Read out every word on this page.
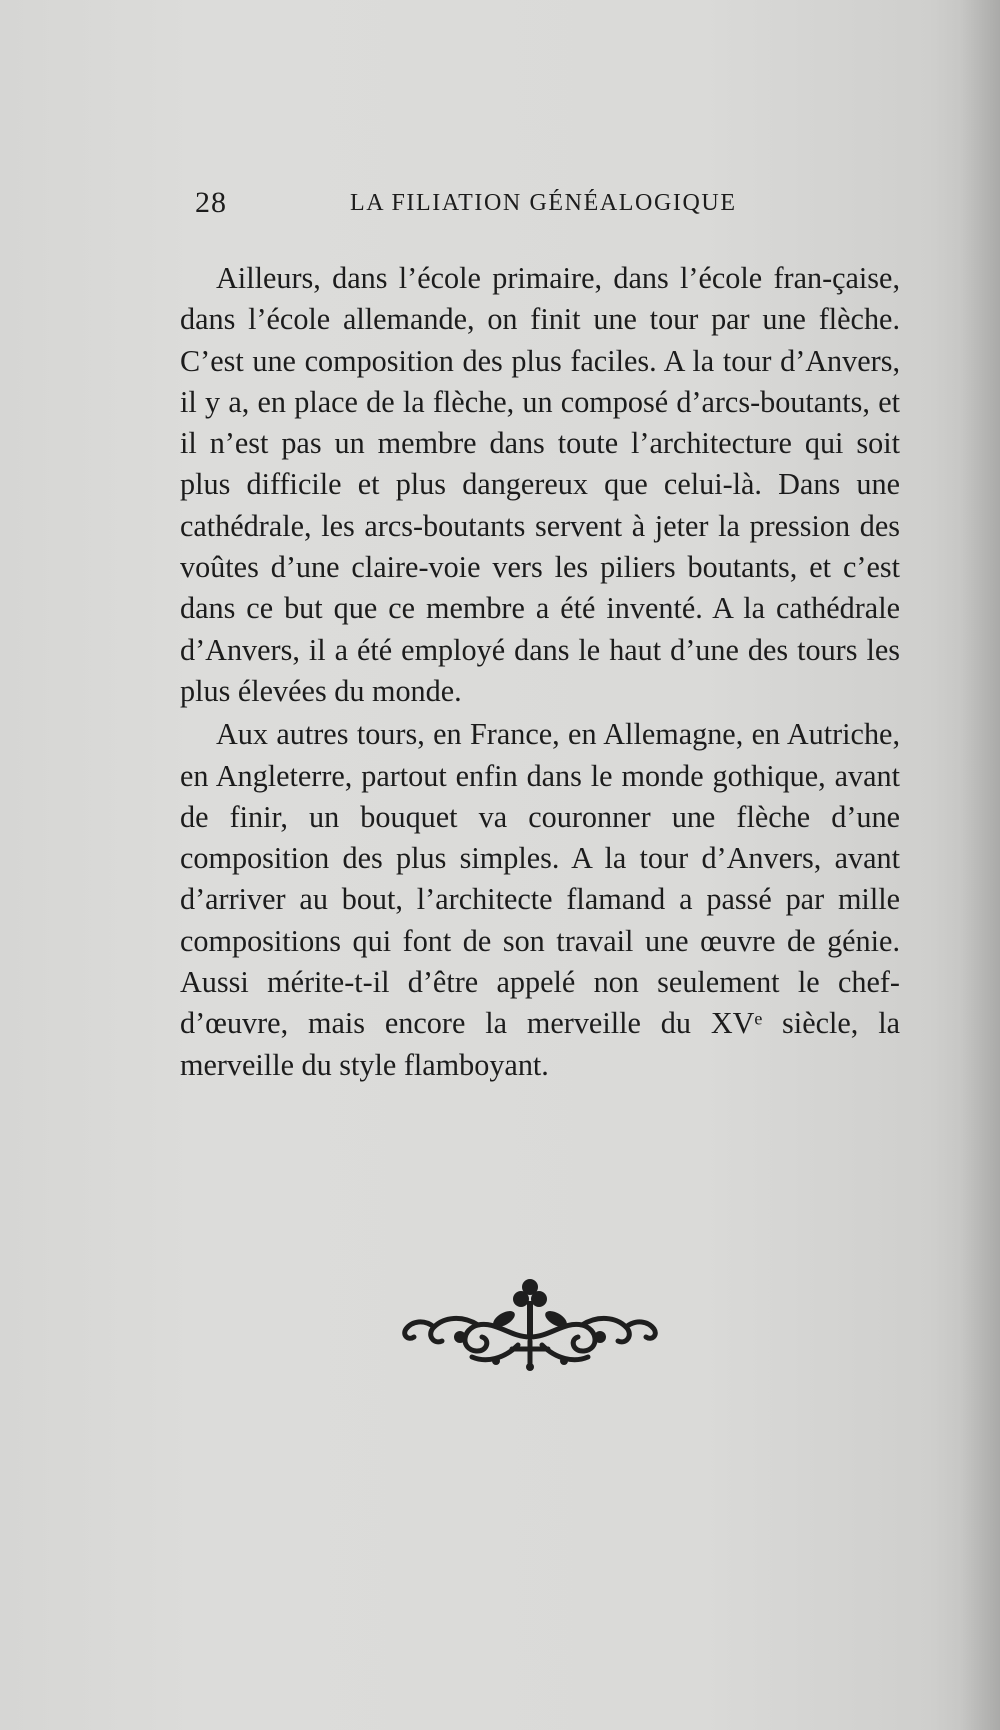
28	LA FILIATION GÉNÉALOGIQUE

Ailleurs, dans l’école primaire, dans l’école fran-çaise, dans l’école allemande, on finit une tour par une flèche. C’est une composition des plus faciles. A la tour d’Anvers, il y a, en place de la flèche, un composé d’arcs-boutants, et il n’est pas un membre dans toute l’architecture qui soit plus difficile et plus dangereux que celui-là. Dans une cathédrale, les arcs-boutants servent à jeter la pression des voûtes d’une claire-voie vers les piliers boutants, et c’est dans ce but que ce membre a été inventé. A la cathédrale d’Anvers, il a été employé dans le haut d’une des tours les plus élevées du monde.

Aux autres tours, en France, en Allemagne, en Autriche, en Angleterre, partout enfin dans le monde gothique, avant de finir, un bouquet va couronner une flèche d’une composition des plus simples. A la tour d’Anvers, avant d’arriver au bout, l’architecte flamand a passé par mille compositions qui font de son travail une œuvre de génie. Aussi mérite-t-il d’être appelé non seulement le chef-d’œuvre, mais encore la merveille du XVᵉ siècle, la merveille du style flamboyant.
